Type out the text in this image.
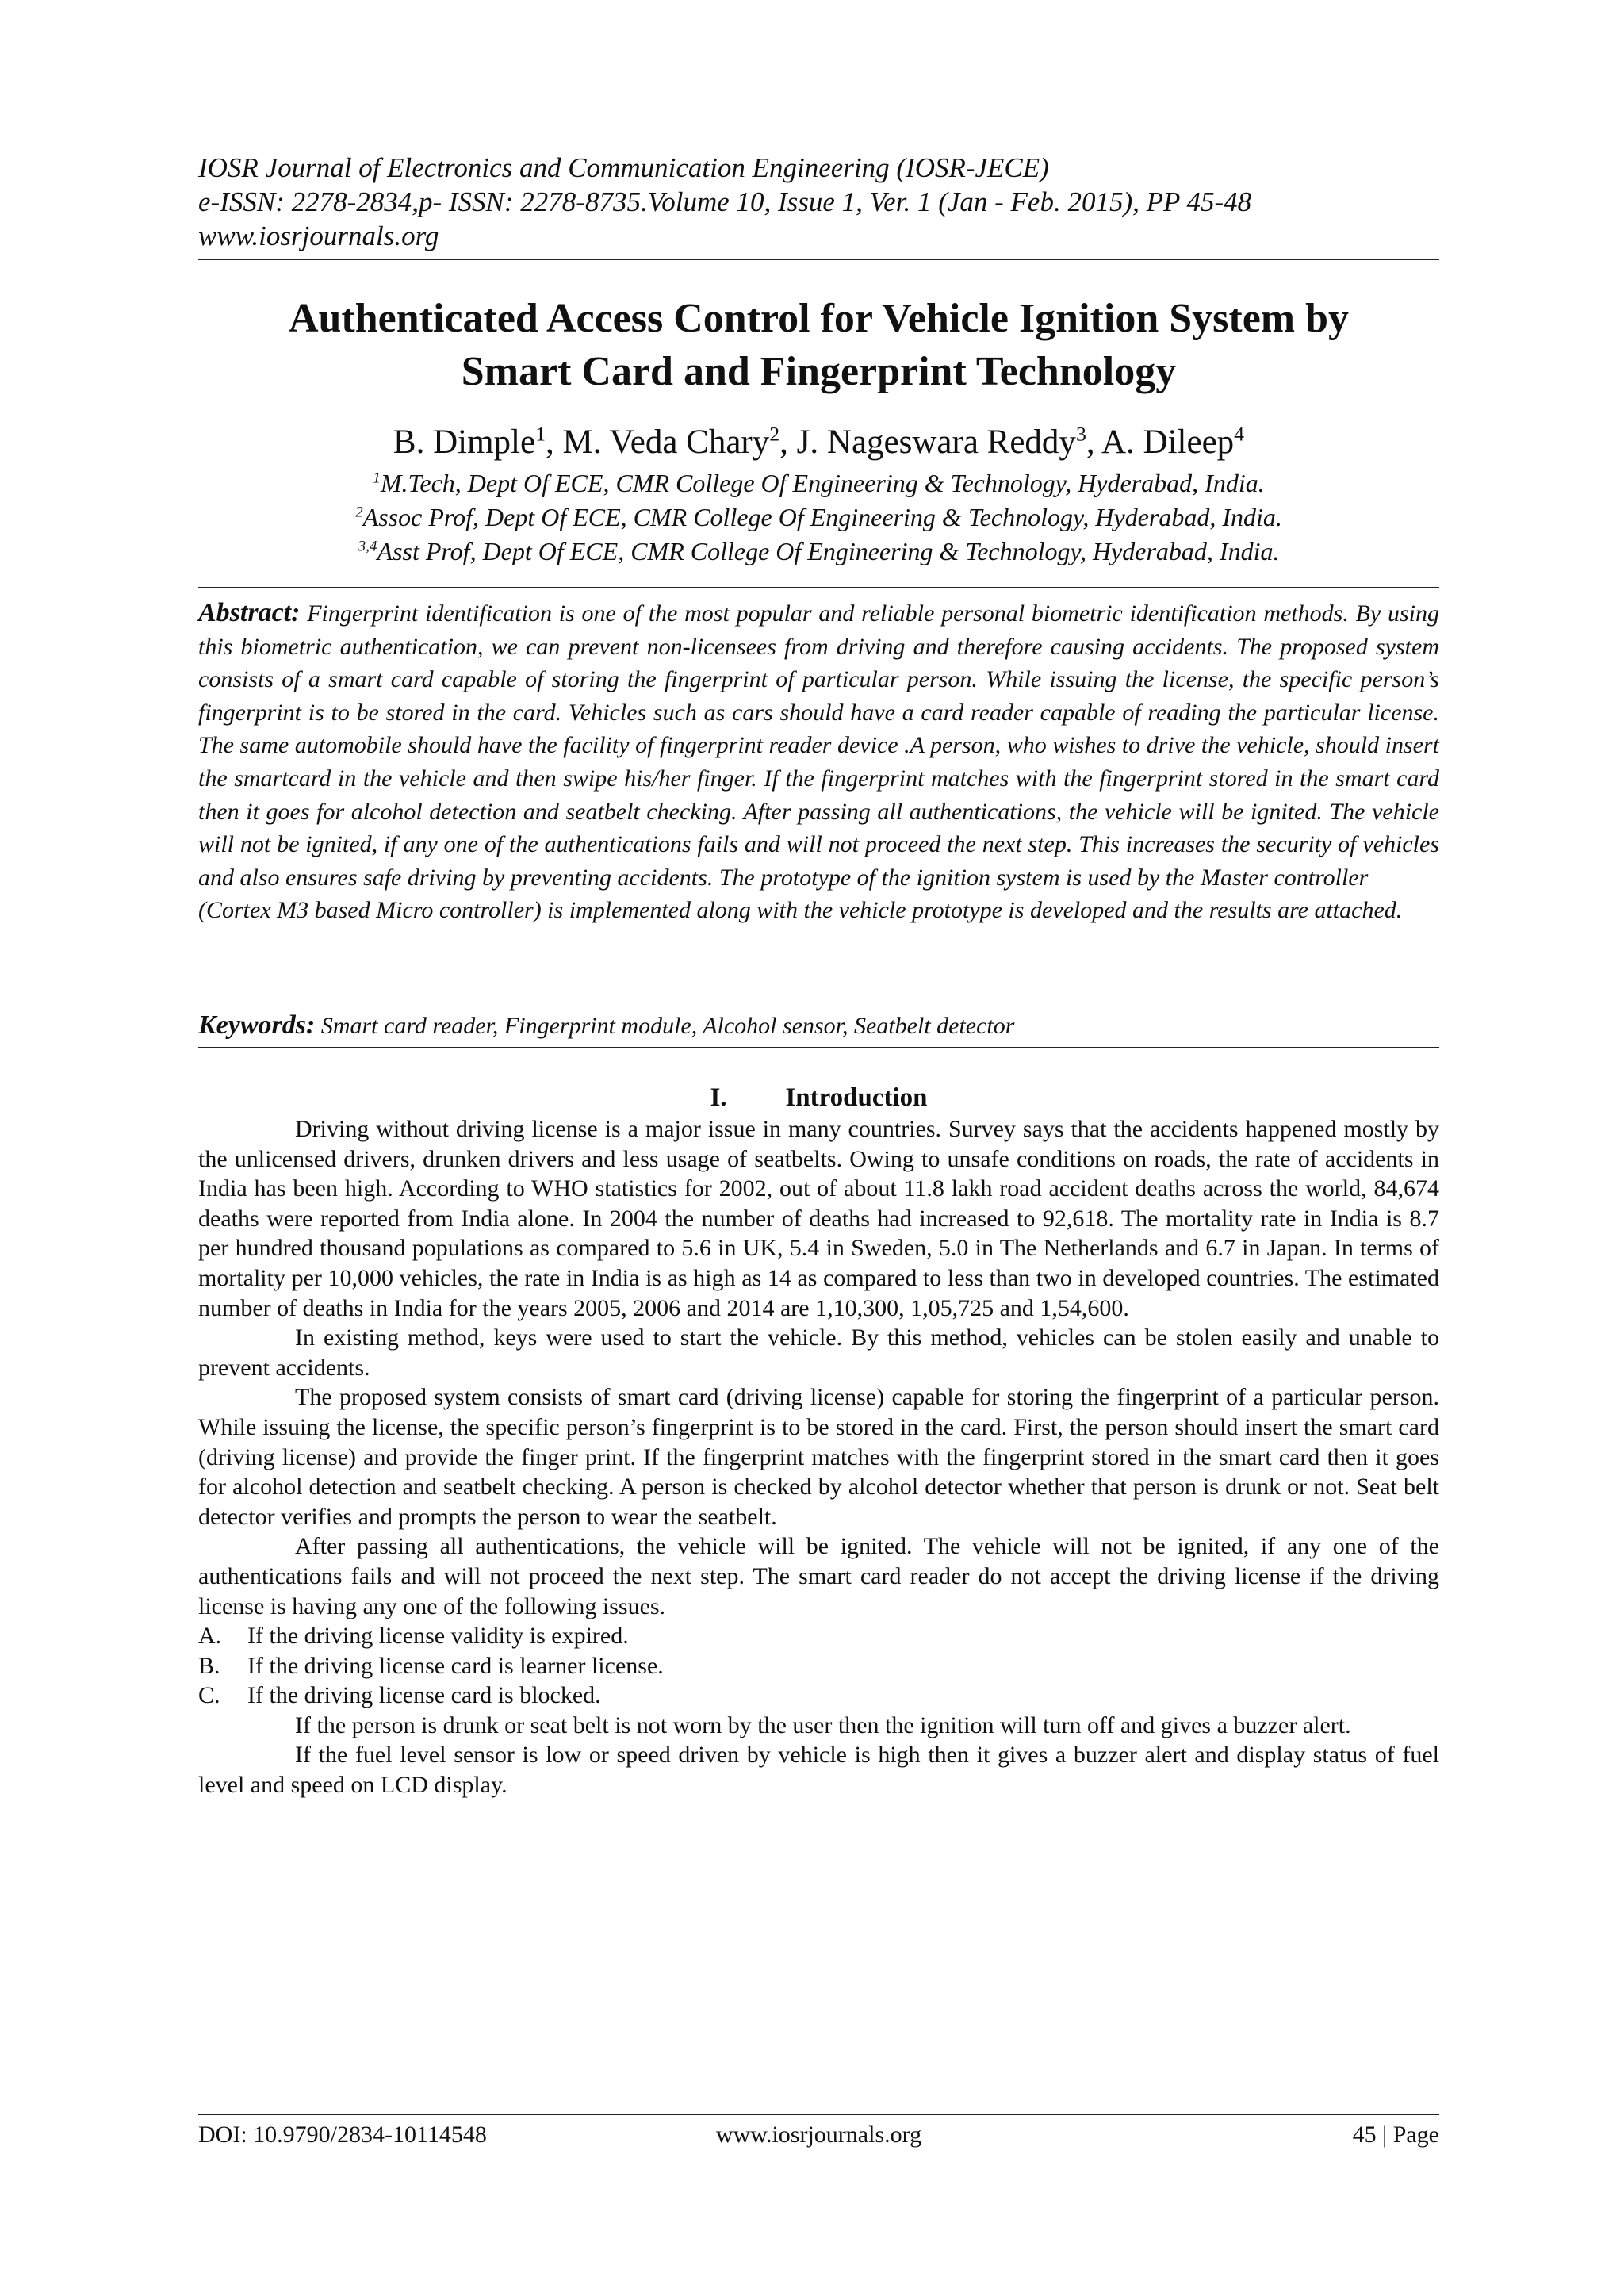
IOSR Journal of Electronics and Communication Engineering (IOSR-JECE)
e-ISSN: 2278-2834,p- ISSN: 2278-8735.Volume 10, Issue 1, Ver. 1 (Jan - Feb. 2015), PP 45-48
www.iosrjournals.org
Authenticated Access Control for Vehicle Ignition System by
Smart Card and Fingerprint Technology
B. Dimple$^1$, M. Veda Chary$^2$, J. Nageswara Reddy$^3$, A. Dileep$^4$
$^1$M.Tech, Dept Of ECE, CMR College Of Engineering & Technology, Hyderabad, India.
$^2$Assoc Prof, Dept Of ECE, CMR College Of Engineering & Technology, Hyderabad, India.
$^{3,4}$Asst Prof, Dept Of ECE, CMR College Of Engineering & Technology, Hyderabad, India.
Abstract: Fingerprint identification is one of the most popular and reliable personal biometric identification methods. By using this biometric authentication, we can prevent non-licensees from driving and therefore causing accidents. The proposed system consists of a smart card capable of storing the fingerprint of particular person. While issuing the license, the specific person’s fingerprint is to be stored in the card. Vehicles such as cars should have a card reader capable of reading the particular license. The same automobile should have the facility of fingerprint reader device .A person, who wishes to drive the vehicle, should insert the smartcard in the vehicle and then swipe his/her finger. If the fingerprint matches with the fingerprint stored in the smart card then it goes for alcohol detection and seatbelt checking. After passing all authentications, the vehicle will be ignited. The vehicle will not be ignited, if any one of the authentications fails and will not proceed the next step. This increases the security of vehicles and also ensures safe driving by preventing accidents. The prototype of the ignition system is used by the Master controller
(Cortex M3 based Micro controller) is implemented along with the vehicle prototype is developed and the results are attached.
Keywords: Smart card reader, Fingerprint module, Alcohol sensor, Seatbelt detector
I. Introduction

Driving without driving license is a major issue in many countries. Survey says that the accidents happened mostly by the unlicensed drivers, drunken drivers and less usage of seatbelts. Owing to unsafe conditions on roads, the rate of accidents in India has been high. According to WHO statistics for 2002, out of about 11.8 lakh road accident deaths across the world, 84,674 deaths were reported from India alone. In 2004 the number of deaths had increased to 92,618. The mortality rate in India is 8.7 per hundred thousand populations as compared to 5.6 in UK, 5.4 in Sweden, 5.0 in The Netherlands and 6.7 in Japan. In terms of mortality per 10,000 vehicles, the rate in India is as high as 14 as compared to less than two in developed countries. The estimated number of deaths in India for the years 2005, 2006 and 2014 are 1,10,300, 1,05,725 and 1,54,600.

In existing method, keys were used to start the vehicle. By this method, vehicles can be stolen easily and unable to prevent accidents.

The proposed system consists of smart card (driving license) capable for storing the fingerprint of a particular person. While issuing the license, the specific person’s fingerprint is to be stored in the card. First, the person should insert the smart card (driving license) and provide the finger print. If the fingerprint matches with the fingerprint stored in the smart card then it goes for alcohol detection and seatbelt checking. A person is checked by alcohol detector whether that person is drunk or not. Seat belt detector verifies and prompts the person to wear the seatbelt.

After passing all authentications, the vehicle will be ignited. The vehicle will not be ignited, if any one of the authentications fails and will not proceed the next step. The smart card reader do not accept the driving license if the driving license is having any one of the following issues.

A.	If the driving license validity is expired.
B.	If the driving license card is learner license.
C.	If the driving license card is blocked.

If the person is drunk or seat belt is not worn by the user then the ignition will turn off and gives a buzzer alert.

If the fuel level sensor is low or speed driven by vehicle is high then it gives a buzzer alert and display status of fuel level and speed on LCD display.

DOI: 10.9790/2834-10114548	www.iosrjournals.org	45 | Page
